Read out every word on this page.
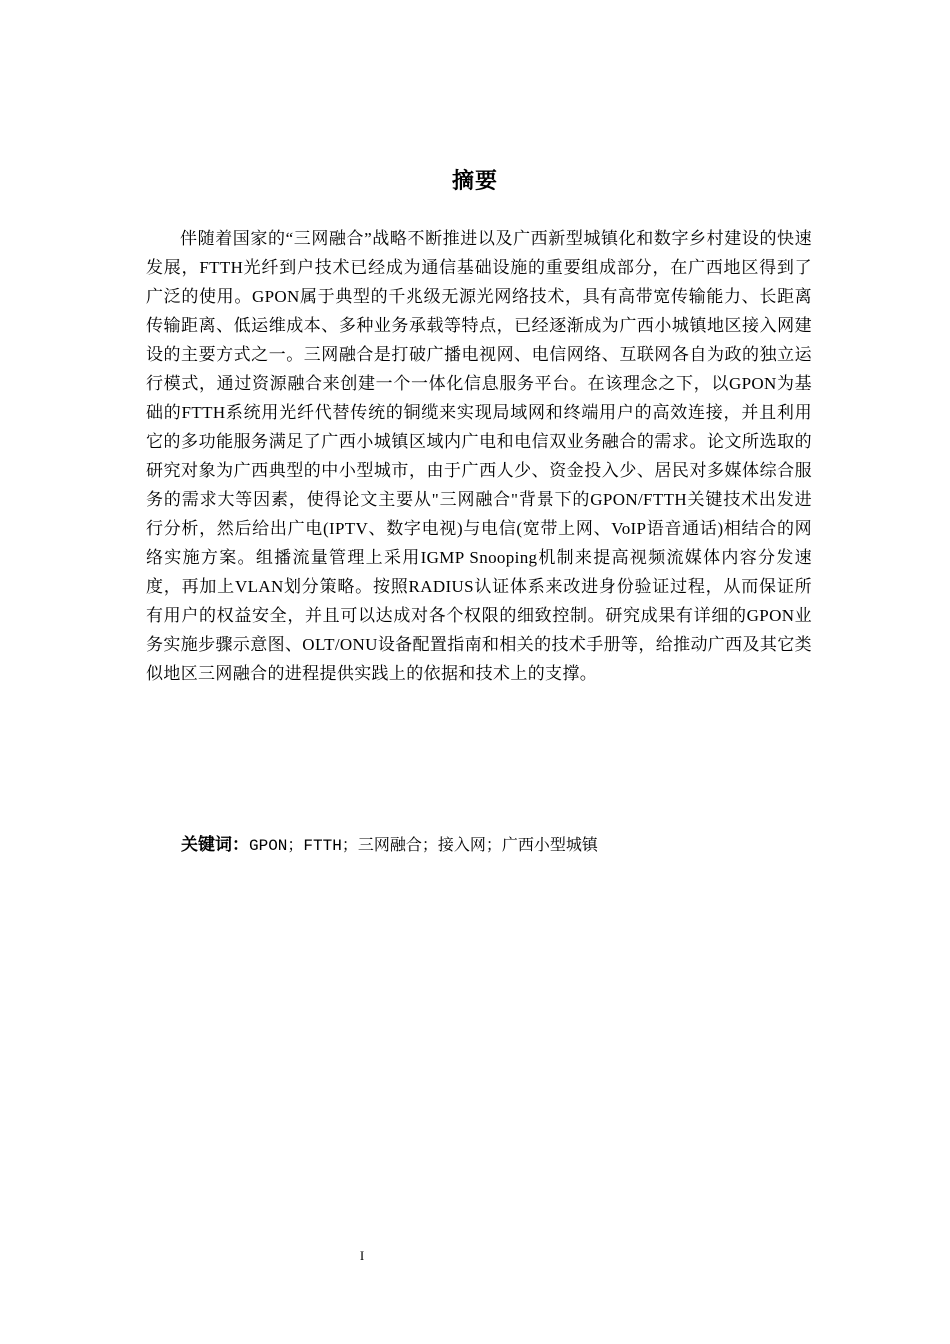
摘要

伴随着国家的“三网融合”战略不断推进以及广西新型城镇化和数字乡村建设的快速发展，FTTH光纤到户技术已经成为通信基础设施的重要组成部分，在广西地区得到了广泛的使用。GPON属于典型的千兆级无源光网络技术，具有高带宽传输能力、长距离传输距离、低运维成本、多种业务承载等特点，已经逐渐成为广西小城镇地区接入网建设的主要方式之一。三网融合是打破广播电视网、电信网络、互联网各自为政的独立运行模式，通过资源融合来创建一个一体化信息服务平台。在该理念之下，以GPON为基础的FTTH系统用光纤代替传统的铜缆来实现局域网和终端用户的高效连接，并且利用它的多功能服务满足了广西小城镇区域内广电和电信双业务融合的需求。论文所选取的研究对象为广西典型的中小型城市，由于广西人少、资金投入少、居民对多媒体综合服务的需求大等因素，使得论文主要从"三网融合"背景下的GPON/FTTH关键技术出发进行分析，然后给出广电(IPTV、数字电视)与电信(宽带上网、VoIP语音通话)相结合的网络实施方案。组播流量管理上采用IGMP Snooping机制来提高视频流媒体内容分发速度，再加上VLAN划分策略。按照RADIUS认证体系来改进身份验证过程，从而保证所有用户的权益安全，并且可以达成对各个权限的细致控制。研究成果有详细的GPON业务实施步骤示意图、OLT/ONU设备配置指南和相关的技术手册等，给推动广西及其它类似地区三网融合的进程提供实践上的依据和技术上的支撑。

关键词：GPON；FTTH；三网融合；接入网；广西小型城镇
I
